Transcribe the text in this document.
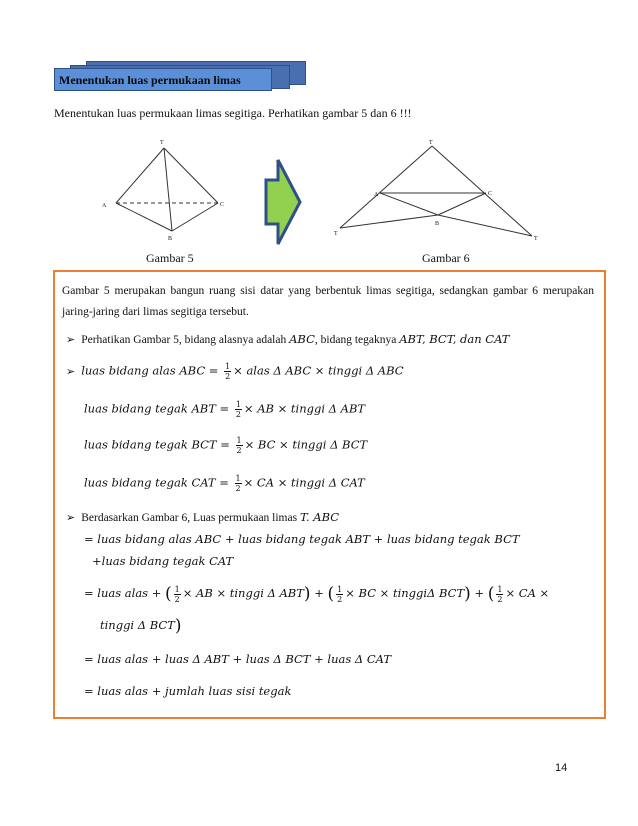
Menentukan luas permukaan limas
Menentukan luas permukaan limas segitiga. Perhatikan gambar 5 dan 6 !!!
T
A	C
B
T
A	C
B
T
T
Gambar 5	Gambar 6
Gambar 5 merupakan bangun ruang sisi datar yang berbentuk limas segitiga, sedangkan gambar 6 merupakan jaring-jaring dari limas segitiga tersebut.
➢ Perhatikan Gambar 5, bidang alasnya adalah ABC, bidang tegaknya ABT, BCT, dan CAT
➢ luas bidang alas ABC = $\frac{1}{2}$ × alas Δ ABC × tinggi Δ ABC
luas bidang tegak ABT = $\frac{1}{2}$ × AB × tinggi Δ ABT
luas bidang tegak BCT = $\frac{1}{2}$ × BC × tinggi Δ BCT
luas bidang tegak CAT = $\frac{1}{2}$ × CA × tinggi Δ CAT
➢ Berdasarkan Gambar 6, Luas permukaan limas T. ABC
= luas bidang alas ABC + luas bidang tegak ABT + luas bidang tegak BCT
+luas bidang tegak CAT
= luas alas + ( $\frac{1}{2}$ × AB × tinggi Δ ABT) + ( $\frac{1}{2}$ × BC × tinggiΔ BCT) + ( $\frac{1}{2}$ × CA ×
tinggi Δ BCT)
= luas alas + luas Δ ABT + luas Δ BCT + luas Δ CAT
= luas alas + jumlah luas sisi tegak
14
